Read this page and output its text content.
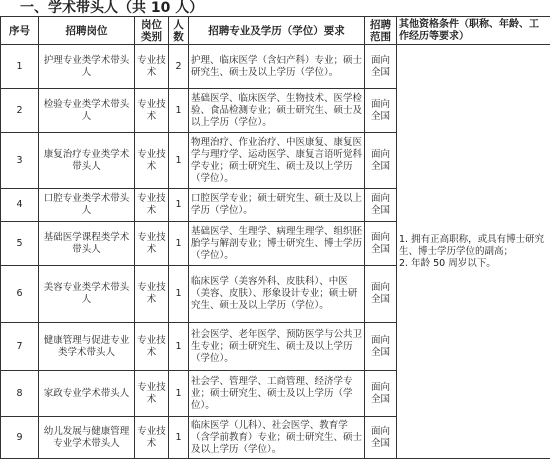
一、学术带头人（共 10 人）
序号	招聘岗位	岗位类别	人数	招聘专业及学历（学位）要求	招聘范围	其他资格条件（职称、年龄、工作经历等要求）
1	护理专业类学术带头人	专业技术	2	护理、临床医学（含妇产科）专业；硕士研究生、硕士及以上学历（学位）。	面向全国	1. 拥有正高职称，或具有博士研究生、博士学历学位的副高；
2. 年龄 50 周岁以下。

2	检验专业类学术带头人	专业技术	1	基础医学、临床医学、生物技术、医学检验、食品检测专业；硕士研究生、硕士及以上学历（学位）。	面向全国	
3	康复治疗专业类学术带头人	专业技术	1	物理治疗、作业治疗、中医康复、康复医学与理疗学、运动医学、康复言语听觉科学专业；硕士研究生、硕士及以上学历（学位）。	面向全国	
4	口腔专业类学术带头人	专业技术	1	口腔医学专业；硕士研究生、硕士及以上学历（学位）。	面向全国	
5	基础医学课程类学术带头人	专业技术	1	基础医学、生理学、病理生理学、组织胚胎学与解剖专业；博士研究生、博士学历（学位）。	面向全国	
6	美容专业类学术带头人	专业技术	1	临床医学（美容外科、皮肤科）、中医（美容、皮肤）、形象设计专业；硕士研究生、硕士及以上学历（学位）。	面向全国	
7	健康管理与促进专业类学术带头人	专业技术	1	社会医学、老年医学、预防医学与公共卫生专业；硕士研究生、硕士及以上学历（学位）。	面向全国	
8	家政专业学术带头人	专业技术	1	社会学、管理学、工商管理、经济学专业；硕士研究生、硕士及以上学历（学位）。	面向全国	
9	幼儿发展与健康管理专业学术带头人	专业技术	1	临床医学（儿科）、社会医学、教育学（含学前教育）专业；硕士研究生、硕士及以上学历（学位）。	面向全国	
